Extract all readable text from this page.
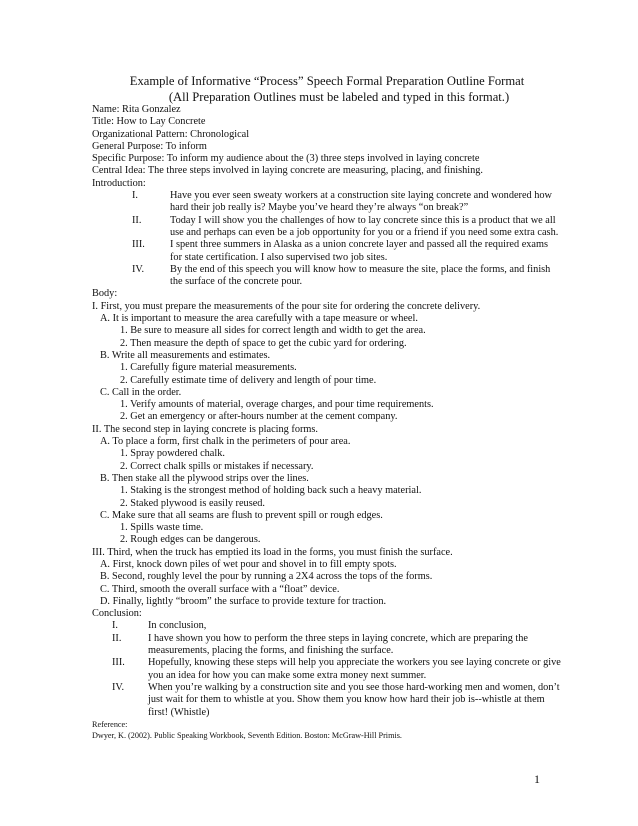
Example of Informative “Process” Speech Formal Preparation Outline Format
(All Preparation Outlines must be labeled and typed in this format.)
Name: Rita Gonzalez
Title: How to Lay Concrete
Organizational Pattern: Chronological
General Purpose: To inform
Specific Purpose: To inform my audience about the (3) three steps involved in laying concrete
Central Idea: The three steps involved in laying concrete are measuring, placing, and finishing.
Introduction:
I.	Have you ever seen sweaty workers at a construction site laying concrete and wondered how hard their job really is? Maybe you’ve heard they’re always “on break?”
II.	Today I will show you the challenges of how to lay concrete since this is a product that we all use and perhaps can even be a job opportunity for you or a friend if you need some extra cash.
III.	I spent three summers in Alaska as a union concrete layer and passed all the required exams for state certification. I also supervised two job sites.
IV.	By the end of this speech you will know how to measure the site, place the forms, and finish the surface of the concrete pour.
Body:
I. First, you must prepare the measurements of the pour site for ordering the concrete delivery.
A. It is important to measure the area carefully with a tape measure or wheel.
1. Be sure to measure all sides for correct length and width to get the area.
2. Then measure the depth of space to get the cubic yard for ordering.
B. Write all measurements and estimates.
1. Carefully figure material measurements.
2. Carefully estimate time of delivery and length of pour time.
C. Call in the order.
1. Verify amounts of material, overage charges, and pour time requirements.
2. Get an emergency or after-hours number at the cement company.
II. The second step in laying concrete is placing forms.
A. To place a form, first chalk in the perimeters of pour area.
1. Spray powdered chalk.
2. Correct chalk spills or mistakes if necessary.
B. Then stake all the plywood strips over the lines.
1. Staking is the strongest method of holding back such a heavy material.
2. Staked plywood is easily reused.
C. Make sure that all seams are flush to prevent spill or rough edges.
1. Spills waste time.
2. Rough edges can be dangerous.
III. Third, when the truck has emptied its load in the forms, you must finish the surface.
A. First, knock down piles of wet pour and shovel in to fill empty spots.
B. Second, roughly level the pour by running a 2X4 across the tops of the forms.
C. Third, smooth the overall surface with a “float” device.
D. Finally, lightly “broom” the surface to provide texture for traction.
Conclusion:
I.	In conclusion,
II.	I have shown you how to perform the three steps in laying concrete, which are preparing the measurements, placing the forms, and finishing the surface.
III.	Hopefully, knowing these steps will help you appreciate the workers you see laying concrete or give you an idea for how you can make some extra money next summer.
IV.	When you’re walking by a construction site and you see those hard-working men and women, don’t just wait for them to whistle at you. Show them you know how hard their job is--whistle at them first! (Whistle)
Reference:
Dwyer, K. (2002). Public Speaking Workbook, Seventh Edition. Boston: McGraw-Hill Primis.
1
